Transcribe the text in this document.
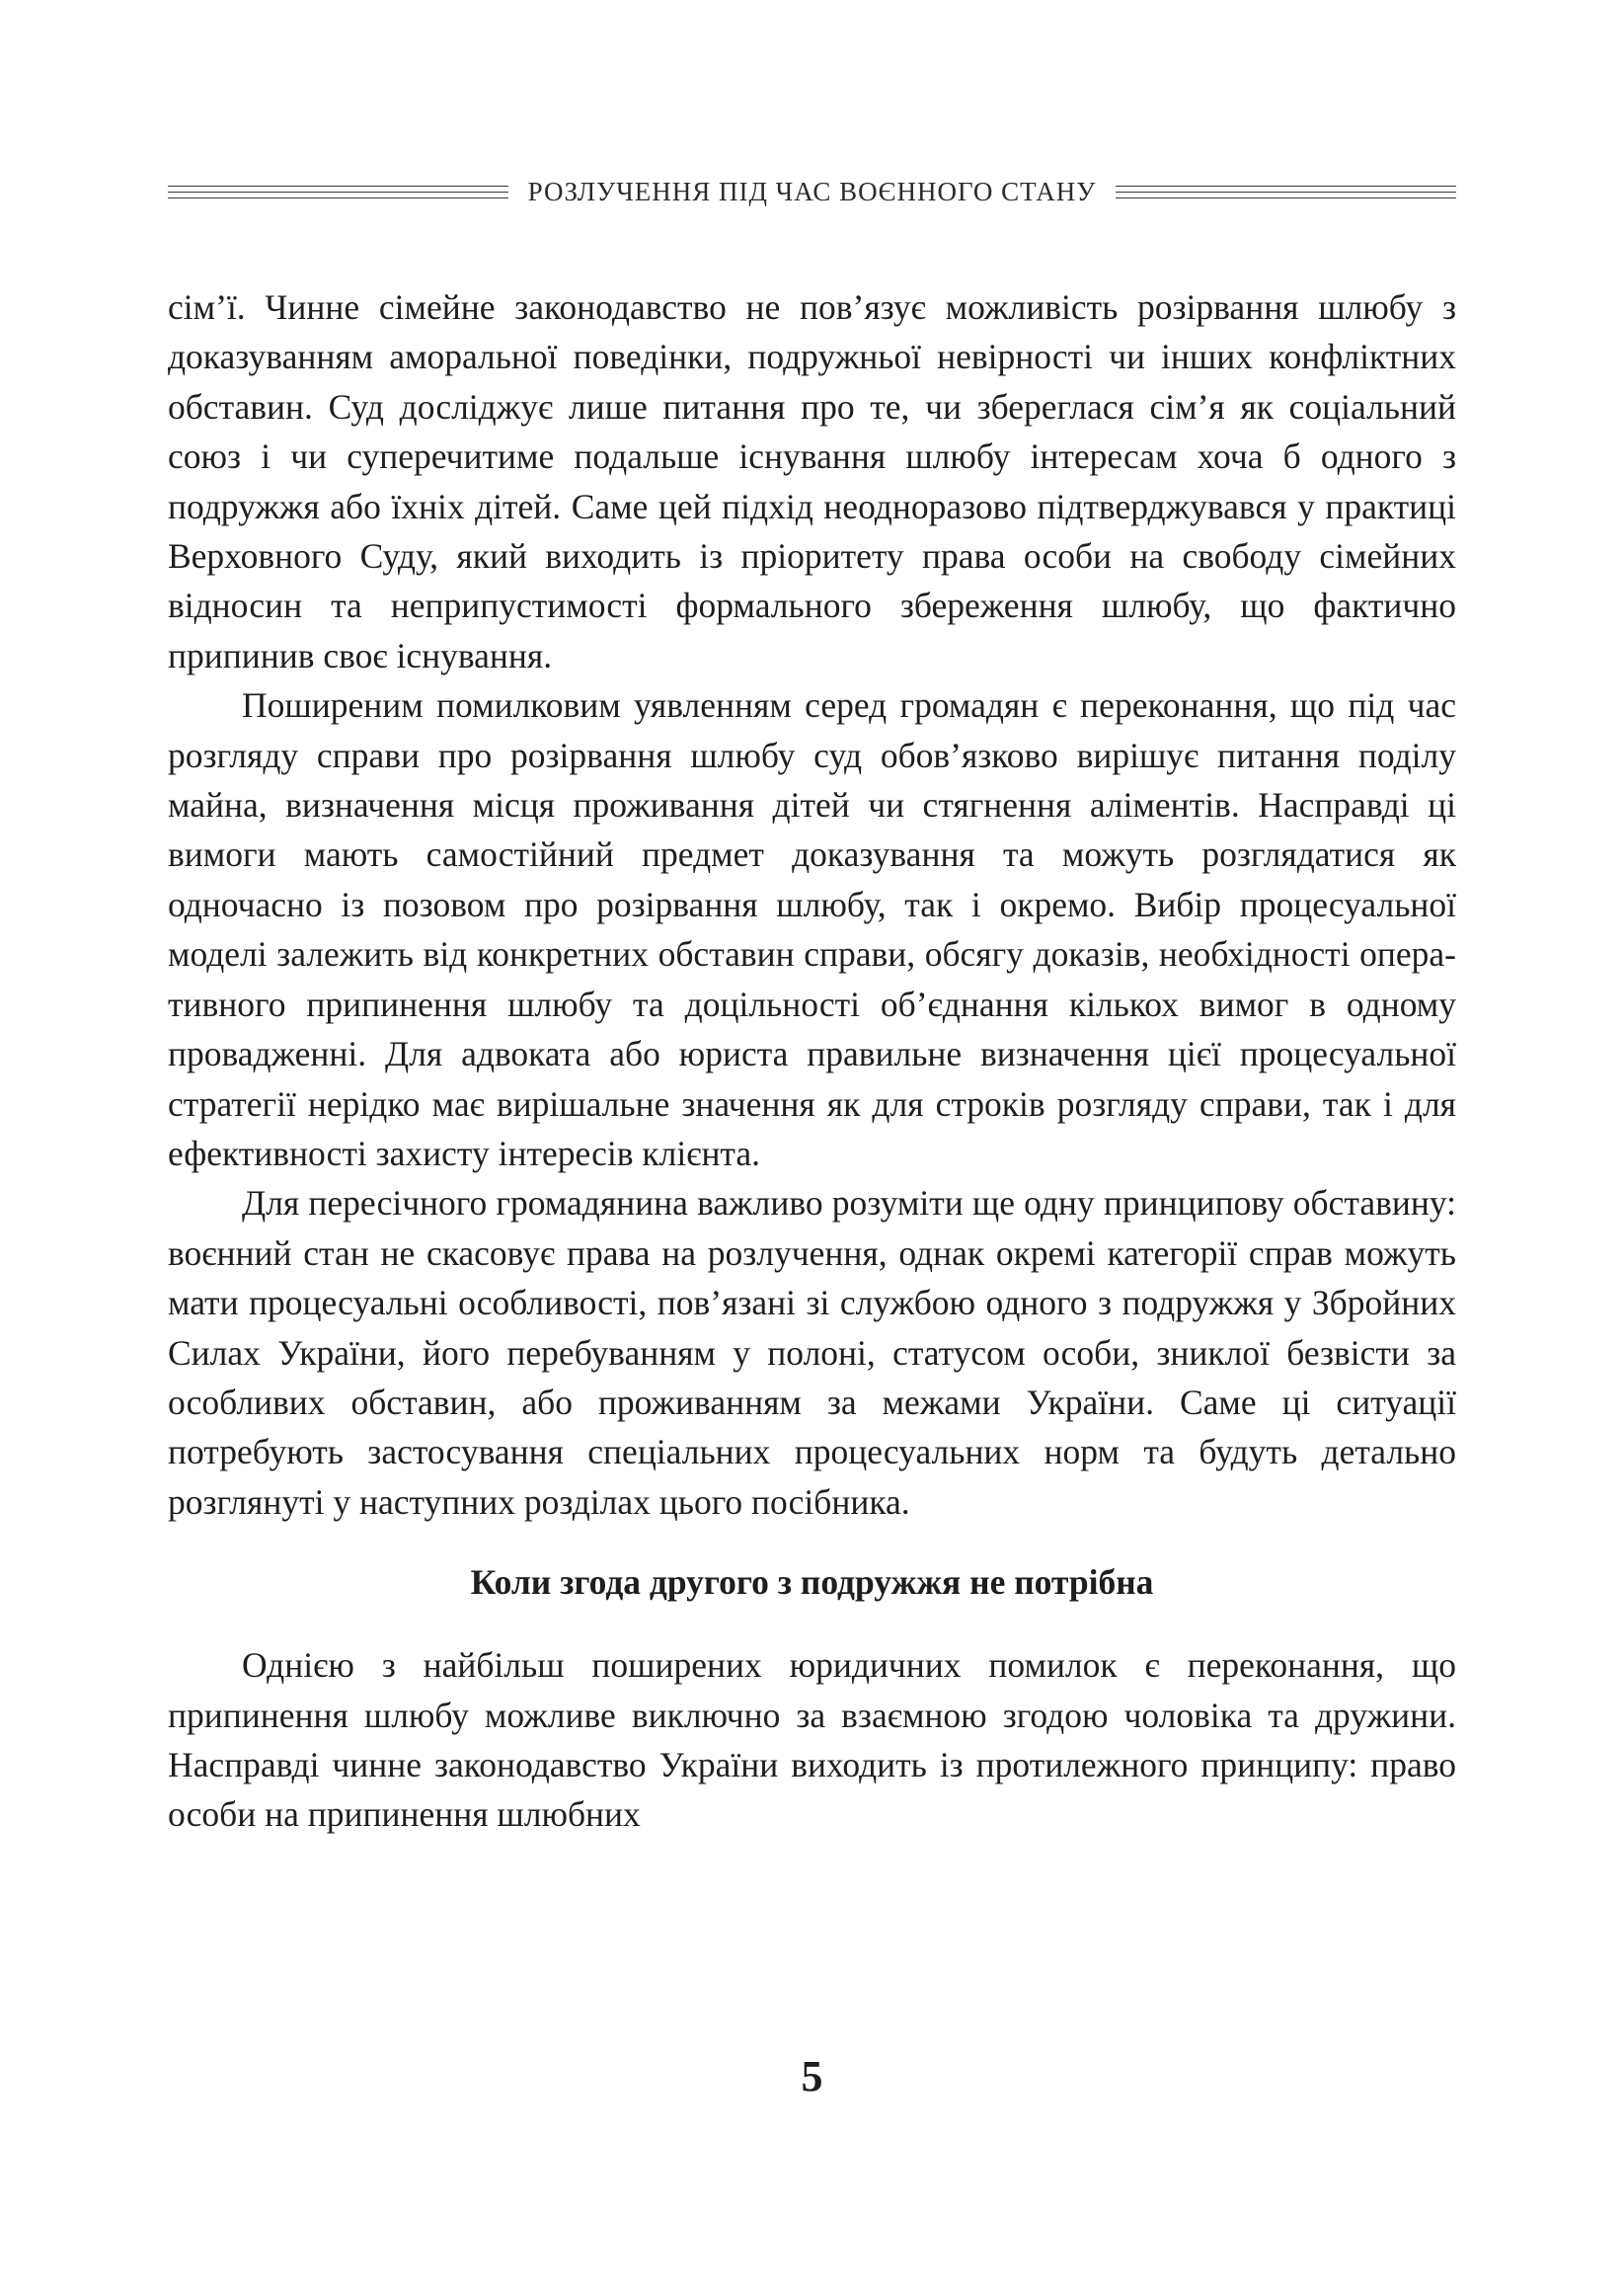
РОЗЛУЧЕННЯ ПІД ЧАС ВОЄННОГО СТАНУ

сім’ї. Чинне сімейне законодавство не пов’язує можливість розірвання шлюбу з доказуванням аморальної поведінки, подружньої невірності чи інших конфліктних обставин. Суд досліджує лише питання про те, чи збереглася сім’я як соціальний союз і чи суперечитиме подальше існування шлюбу інтересам хоча б одного з подружжя або їхніх дітей. Саме цей підхід неодноразово підтверджувався у практиці Верховного Суду, який виходить із пріоритету права особи на свободу сімейних відносин та неприпустимості формального збереження шлюбу, що фактично припинив своє існування.

Поширеним помилковим уявленням серед громадян є переконання, що під час розгляду справи про розірвання шлюбу суд обов’язково вирішує питання поділу майна, визначення місця проживання дітей чи стягнення аліментів. Насправді ці вимоги мають самостійний предмет доказування та можуть розглядатися як одночасно із позовом про розірвання шлюбу, так і окремо. Вибір процесуальної моделі залежить від конкретних обставин справи, обсягу доказів, необхідності оперативного припинення шлюбу та доцільності об’єднання кількох вимог в одному провадженні. Для адвоката або юриста правильне визначення цієї процесуальної стратегії нерідко має вирішальне значення як для строків розгляду справи, так і для ефективності захисту інтересів клієнта.

Для пересічного громадянина важливо розуміти ще одну принципову обставину: воєнний стан не скасовує права на розлучення, однак окремі категорії справ можуть мати процесуальні особливості, пов’язані зі службою одного з подружжя у Збройних Силах України, його перебуванням у полоні, статусом особи, зниклої безвісти за особливих обставин, або проживанням за межами України. Саме ці ситуації потребують застосування спеціальних процесуальних норм та будуть детально розглянуті у наступних розділах цього посібника.

Коли згода другого з подружжя не потрібна

Однією з найбільш поширених юридичних помилок є переконання, що припинення шлюбу можливе виключно за взаємною згодою чоловіка та дружини. Насправді чинне законодавство України виходить із протилежного принципу: право особи на припинення шлюбних

5
